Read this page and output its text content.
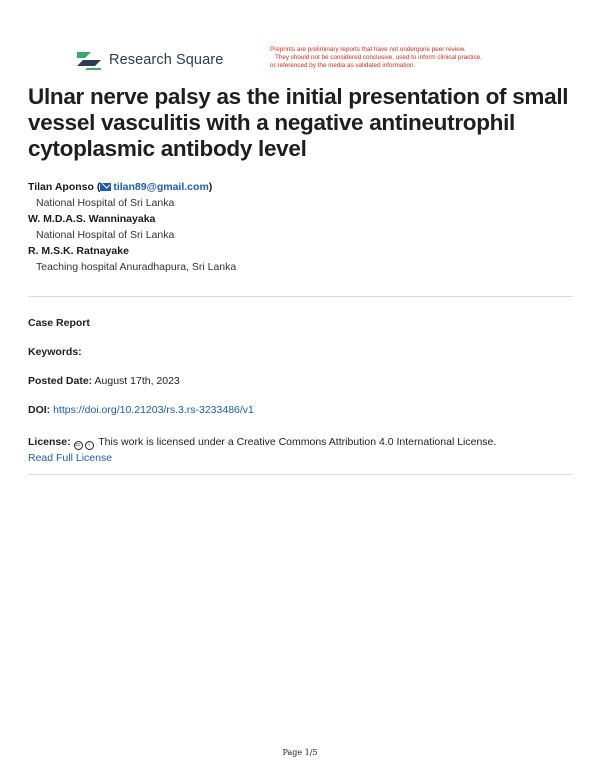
Research Square
Preprints are preliminary reports that have not undergone peer review.
They should not be considered conclusive, used to inform clinical practice,
or referenced by the media as validated information.
Ulnar nerve palsy as the initial presentation of small vessel vasculitis with a negative antineutrophil cytoplasmic antibody level
Tilan Aponso ( tilan89@gmail.com)
National Hospital of Sri Lanka
W. M.D.A.S. Wanninayaka
National Hospital of Sri Lanka
R. M.S.K. Ratnayake
Teaching hospital Anuradhapura, Sri Lanka
Case Report
Keywords:
Posted Date: August 17th, 2023
DOI: https://doi.org/10.21203/rs.3.rs-3233486/v1
License: cc i This work is licensed under a Creative Commons Attribution 4.0 International License.
Read Full License
Page 1/5
